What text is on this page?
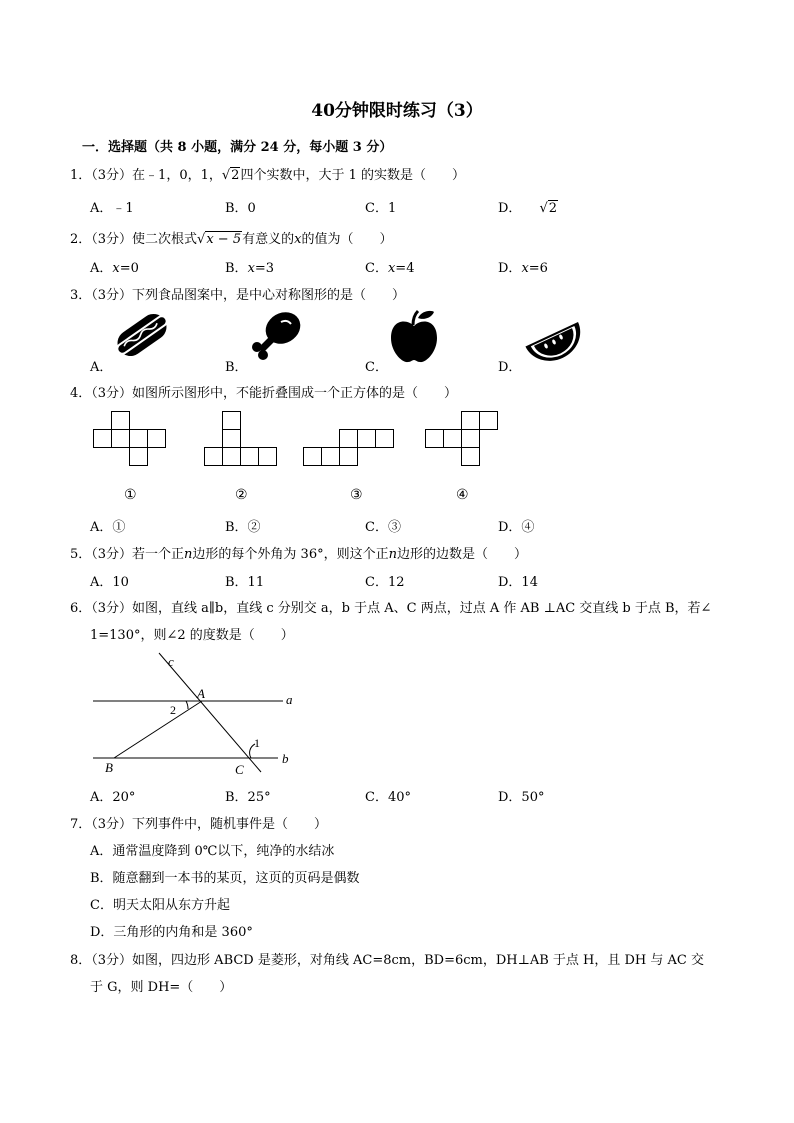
40分钟限时练习（3）
一．选择题（共 8 小题，满分 24 分，每小题 3 分）
1．（3分）在﹣1，0，1，√2四个实数中，大于 1 的实数是（　　）
A．﹣1	B．0	C．1	D． √2
2．（3分）使二次根式√x − 5有意义的x的值为（　　）
A．x=0	B．x=3	C．x=4	D．x=6
3．（3分）下列食品图案中，是中心对称图形的是（　　）
A．	B．	C．	D．
4．（3分）如图所示图形中，不能折叠围成一个正方体的是（　　）
①	②	③	④
A．①	B．②	C．③	D．④
5．（3分）若一个正n边形的每个外角为 36°，则这个正n边形的边数是（　　）
A．10	B．11	C．12	D．14
6．（3分）如图，直线 a∥b，直线 c 分别交 a，b 于点 A、C 两点，过点 A 作 AB ⊥AC 交直线 b 于点 B，若∠
1=130°，则∠2 的度数是（　　）
c
A	a
B	C
b
2
1
A．20°	B．25°	C．40°	D．50°
7．（3分）下列事件中，随机事件是（　　）
A．通常温度降到 0℃以下，纯净的水结冰
B．随意翻到一本书的某页，这页的页码是偶数
C．明天太阳从东方升起
D．三角形的内角和是 360°
8．（3分）如图，四边形 ABCD 是菱形，对角线 AC=8cm，BD=6cm，DH⊥AB 于点 H，且 DH 与 AC 交
于 G，则 DH=（　　）
